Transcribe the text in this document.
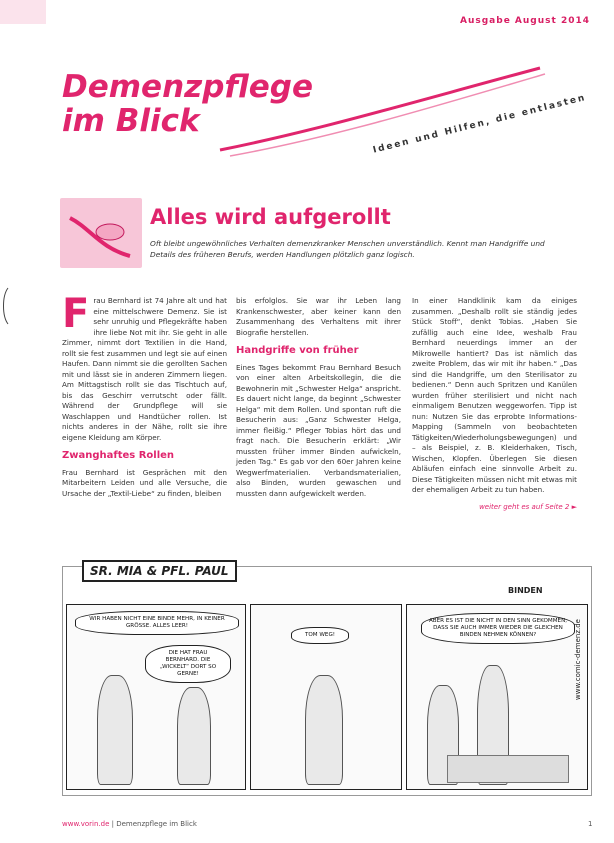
Ausgabe August 2014
Demenzpflege
im Blick	Ideen und Hilfen, die entlasten
Alles wird aufgerollt
Oft bleibt ungewöhnliches Verhalten demenzkranker Menschen unverständlich. Kennt man Handgriffe und Details des früheren Berufs, werden Handlungen plötzlich ganz logisch.
F rau Bernhard ist 74 Jahre alt und hat eine mittelschwere Demenz. Sie ist sehr unruhig und Pflegekräfte haben ihre liebe Not mit ihr. Sie geht in alle Zimmer, nimmt dort Textilien in die Hand, rollt sie fest zusammen und legt sie auf einen Haufen. Dann nimmt sie die gerollten Sachen mit und lässt sie in anderen Zimmern liegen. Am Mittagstisch rollt sie das Tischtuch auf, bis das Geschirr verrutscht oder fällt. Während der Grundpflege will sie Waschlappen und Handtücher rollen. Ist nichts anderes in der Nähe, rollt sie ihre eigene Kleidung am Körper.

Zwanghaftes Rollen

Frau Bernhard ist Gesprächen mit den Mitarbeitern Leiden und alle Versuche, die Ursache der „Textil-Liebe“ zu finden, bleiben

bis erfolglos. Sie war ihr Leben lang Krankenschwester, aber keiner kann den Zusammenhang des Verhaltens mit ihrer Biografie herstellen.

Handgriffe von früher

Eines Tages bekommt Frau Bernhard Besuch von einer alten Arbeitskollegin, die die Bewohnerin mit „Schwester Helga“ anspricht. Es dauert nicht lange, da beginnt „Schwester Helga“ mit dem Rollen. Und spontan ruft die Besucherin aus: „Ganz Schwester Helga, immer fleißig.“ Pfleger Tobias hört das und fragt nach. Die Besucherin erklärt: „Wir mussten früher immer Binden aufwickeln, jeden Tag.“ Es gab vor den 60er Jahren keine Wegwerfmaterialien. Verbandsmaterialien, also Binden, wurden gewaschen und mussten dann aufgewickelt werden.

In einer Handklinik kam da einiges zusammen. „Deshalb rollt sie ständig jedes Stück Stoff“, denkt Tobias. „Haben Sie zufällig auch eine Idee, weshalb Frau Bernhard neuerdings immer an der Mikrowelle hantiert? Das ist nämlich das zweite Problem, das wir mit ihr haben.“ „Das sind die Handgriffe, um den Sterilisator zu bedienen.“ Denn auch Spritzen und Kanülen wurden früher sterilisiert und nicht nach einmaligem Benutzen weggeworfen. Tipp ist nun: Nutzen Sie das erprobte Informations-Mapping (Sammeln von beobachteten Tätigkeiten/Wiederholungsbewegungen) und – als Beispiel, z. B. Kleiderhaken, Tisch, Wischen, Klopfen. Überlegen Sie diesen Abläufen einfach eine sinnvolle Arbeit zu. Diese Tätigkeiten müssen nicht mit etwas mit der ehemaligen Arbeit zu tun haben.

weiter geht es auf Seite 2 ►
SR. MIA & PFL. PAUL
BINDEN
WIR HABEN NICHT EINE BINDE MEHR, IN KEINER GRÖSSE. ALLES LEER!
DIE HAT FRAU BERNHARD. DIE „WICKELT“ DORT SO GERNE!
TOM WEG!
ABER ES IST DIE NICHT IN DEN SINN GEKOMMEN, DASS SIE AUCH IMMER WIEDER DIE GLEICHEN BINDEN NEHMEN KÖNNEN?	www.comic-demenz.de
www.vorin.de | Demenzpflege im Blick	1
